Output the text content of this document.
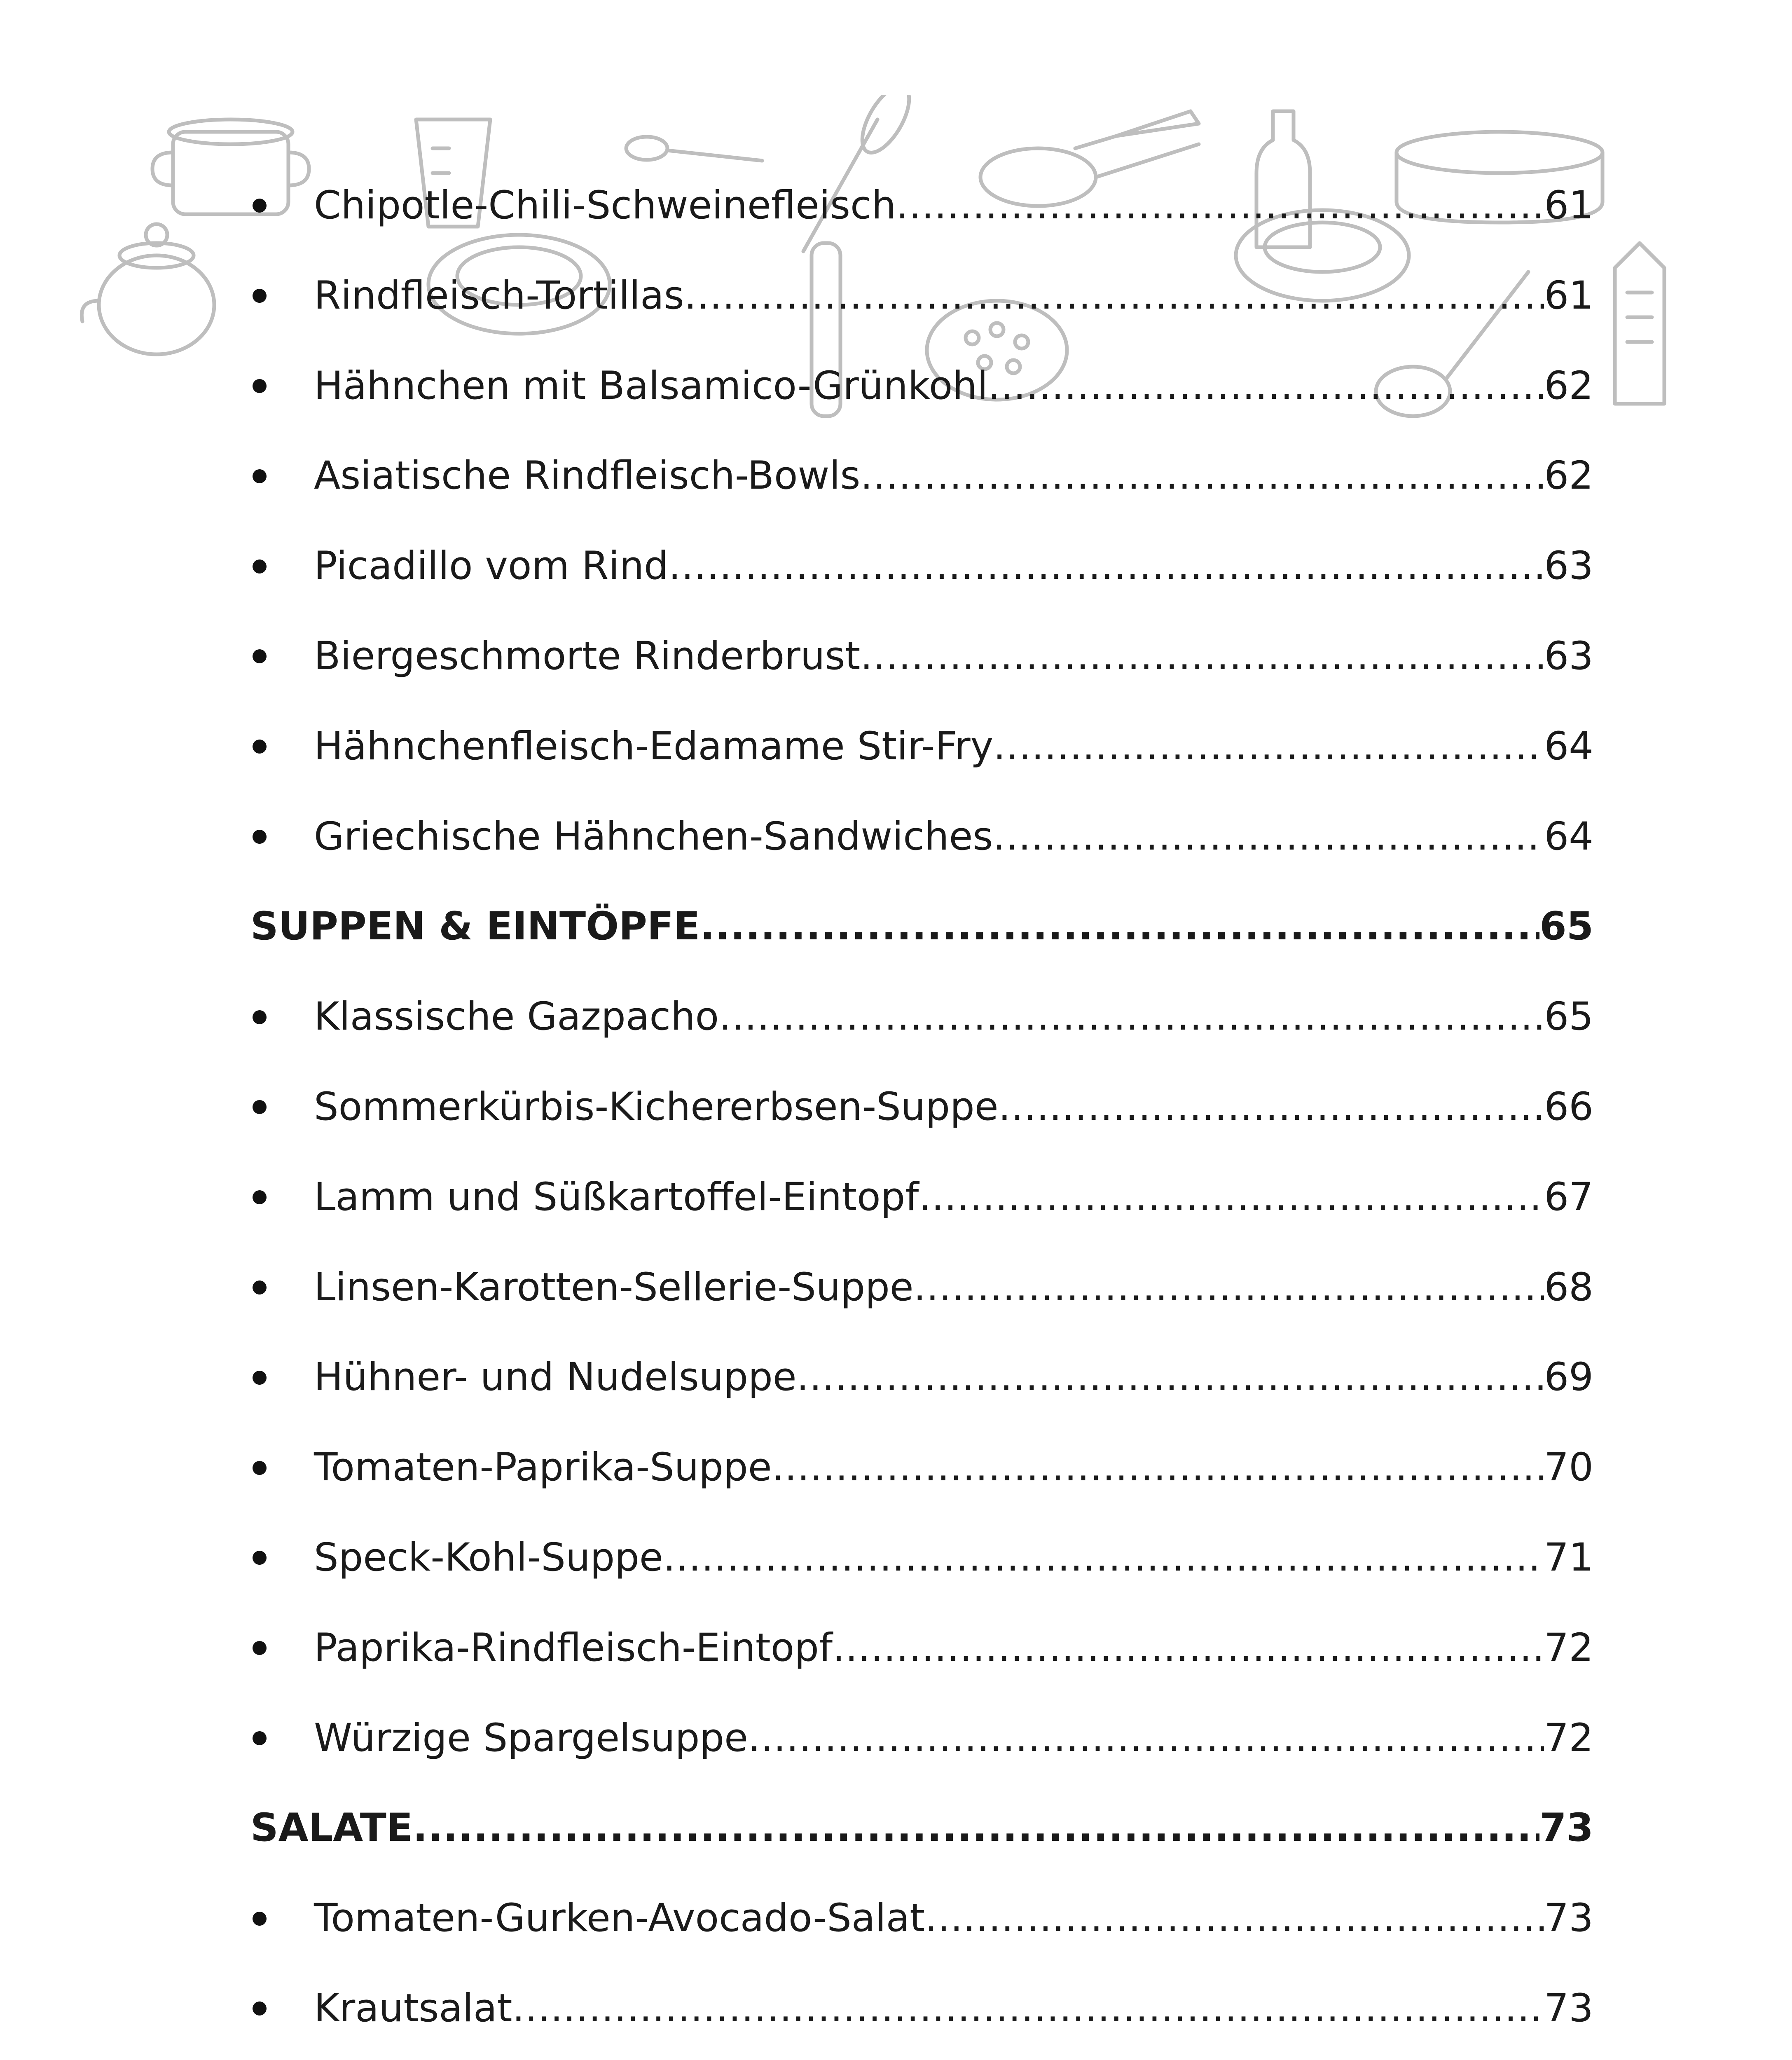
Chipotle-Chili-Schweinefleisch .....	61
Rindfleisch-Tortillas .....	61
Hähnchen mit Balsamico-Grünkohl .....	62
Asiatische Rindfleisch-Bowls .....	62
Picadillo vom Rind .....	63
Biergeschmorte Rinderbrust .....	63
Hähnchenfleisch-Edamame Stir-Fry .....	64
Griechische Hähnchen-Sandwiches .....	64
SUPPEN & EINTÖPFE .....	65
Klassische Gazpacho .....	65
Sommerkürbis-Kichererbsen-Suppe .....	66
Lamm und Süßkartoffel-Eintopf .....	67
Linsen-Karotten-Sellerie-Suppe .....	68
Hühner- und Nudelsuppe .....	69
Tomaten-Paprika-Suppe .....	70
Speck-Kohl-Suppe .....	71
Paprika-Rindfleisch-Eintopf .....	72
Würzige Spargelsuppe .....	72
SALATE .....	73
Tomaten-Gurken-Avocado-Salat .....	73
Krautsalat .....	73
.....
